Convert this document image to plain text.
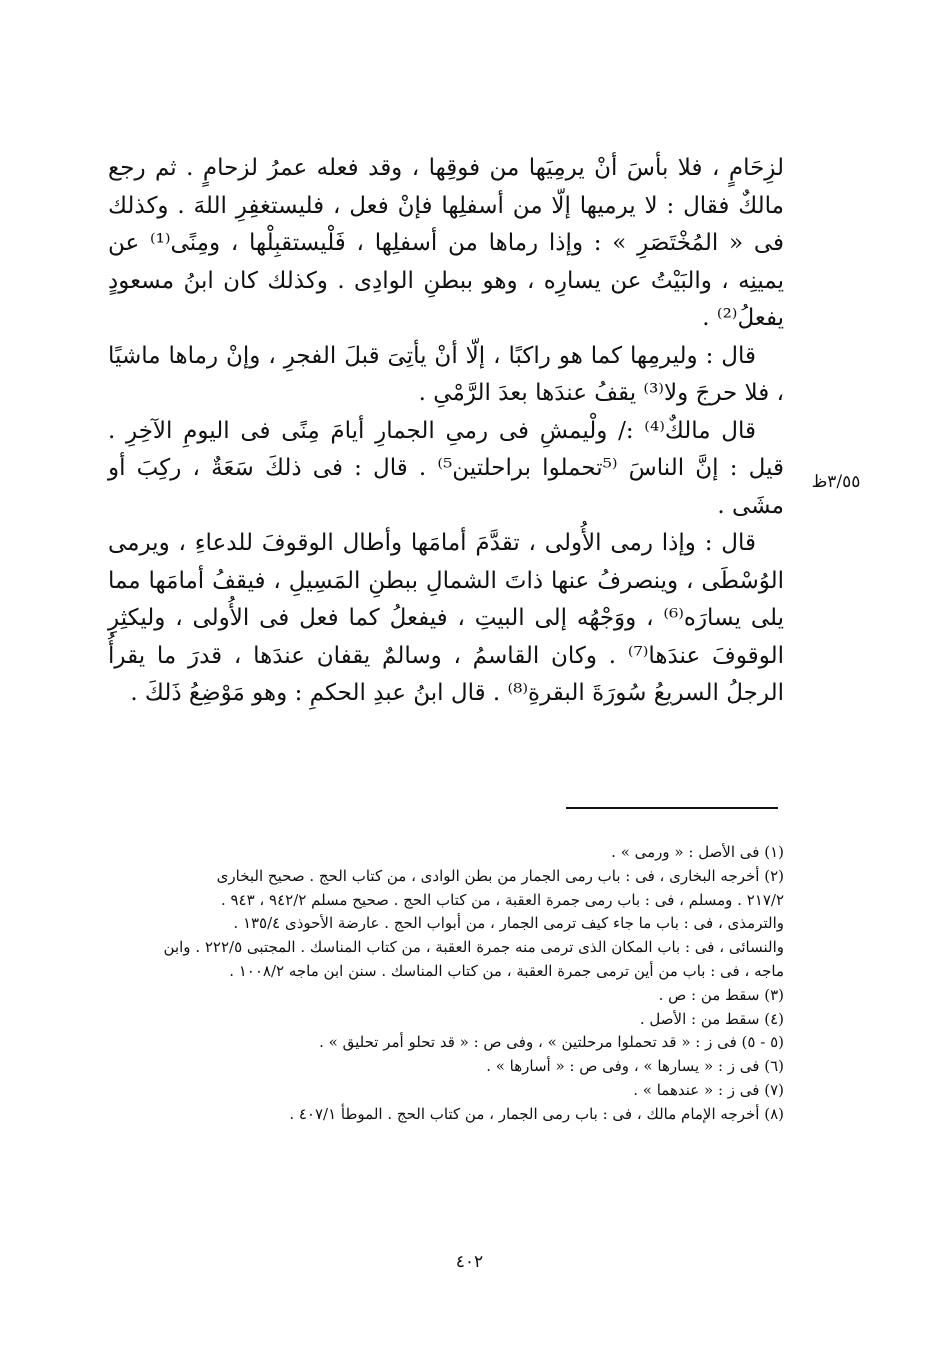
لزِحَامٍ ، فلا بأسَ أنْ يرمِيَها من فوقِها ، وقد فعله عمرُ لزحامٍ . ثم رجع مالكٌ فقال : لا يرميها إلّا من أسفلِها فإنْ فعل ، فليستغفِرِ اللهَ . وكذلك فى « المُخْتَصَرِ » : وإذا رماها من أسفلِها ، فَلْيستقبِلْها ، ومِنًى⁽¹⁾ عن يمينِه ، والبَيْتُ عن يسارِه ، وهو ببطنِ الوادِى . وكذلك كان ابنُ مسعودٍ يفعلُ⁽²⁾ .

قال : وليرمِها كما هو راكبًا ، إلّا أنْ يأتِىَ قبلَ الفجرِ ، وإنْ رماها ماشيًا ، فلا حرجَ ولا⁽³⁾ يقفُ عندَها بعدَ الرَّمْىِ .

قال مالكٌ⁽⁴⁾ :/ ولْيمشِ فى رمىِ الجمارِ أيامَ مِنًى فى اليومِ الآخِرِ . قيل : إنَّ الناسَ ⁽⁵تحملوا براحلتين⁵⁾ . قال : فى ذلكَ سَعَةٌ ، ركِبَ أو مشَى .

قال : وإذا رمى الأُولى ، تقدَّمَ أمامَها وأطال الوقوفَ للدعاءِ ، ويرمى الوُسْطَى ، وينصرفُ عنها ذاتَ الشمالِ ببطنِ المَسِيلِ ، فيقفُ أمامَها مما يلى يسارَه⁽⁶⁾ ، ووَجْهُه إلى البيتِ ، فيفعلُ كما فعل فى الأُولى ، وليكثِرِ الوقوفَ عندَها⁽⁷⁾ . وكان القاسمُ ، وسالمٌ يقفان عندَها ، قدرَ ما يقرأُ الرجلُ السريعُ سُورَةَ البقرةِ⁽⁸⁾ . قال ابنُ عبدِ الحكمِ : وهو مَوْضِعُ ذَلكَ .

٣/٥٥ظ

(١) فى الأصل : « ورمى » .

(٢) أخرجه البخارى ، فى : باب رمى الجمار من بطن الوادى ، من كتاب الحج . صحيح البخارى

٢١٧/٢ . ومسلم ، فى : باب رمى جمرة العقبة ، من كتاب الحج . صحيح مسلم ٩٤٢/٢ ، ٩٤٣ .

والترمذى ، فى : باب ما جاء كيف ترمى الجمار ، من أبواب الحج . عارضة الأحوذى ١٣٥/٤ .

والنسائى ، فى : باب المكان الذى ترمى منه جمرة العقبة ، من كتاب المناسك . المجتبى ٢٢٢/٥ . وابن

ماجه ، فى : باب من أين ترمى جمرة العقبة ، من كتاب المناسك . سنن ابن ماجه ١٠٠٨/٢ .

(٣) سقط من : ص .

(٤) سقط من : الأصل .

(٥ - ٥) فى ز : « قد تحملوا مرحلتين » ، وفى ص : « قد تحلو أمر تحليق » .

(٦) فى ز : « يسارها » ، وفى ص : « أسارها » .

(٧) فى ز : « عندهما » .

(٨) أخرجه الإمام مالك ، فى : باب رمى الجمار ، من كتاب الحج . الموطأ ٤٠٧/١ .

٤٠٢
